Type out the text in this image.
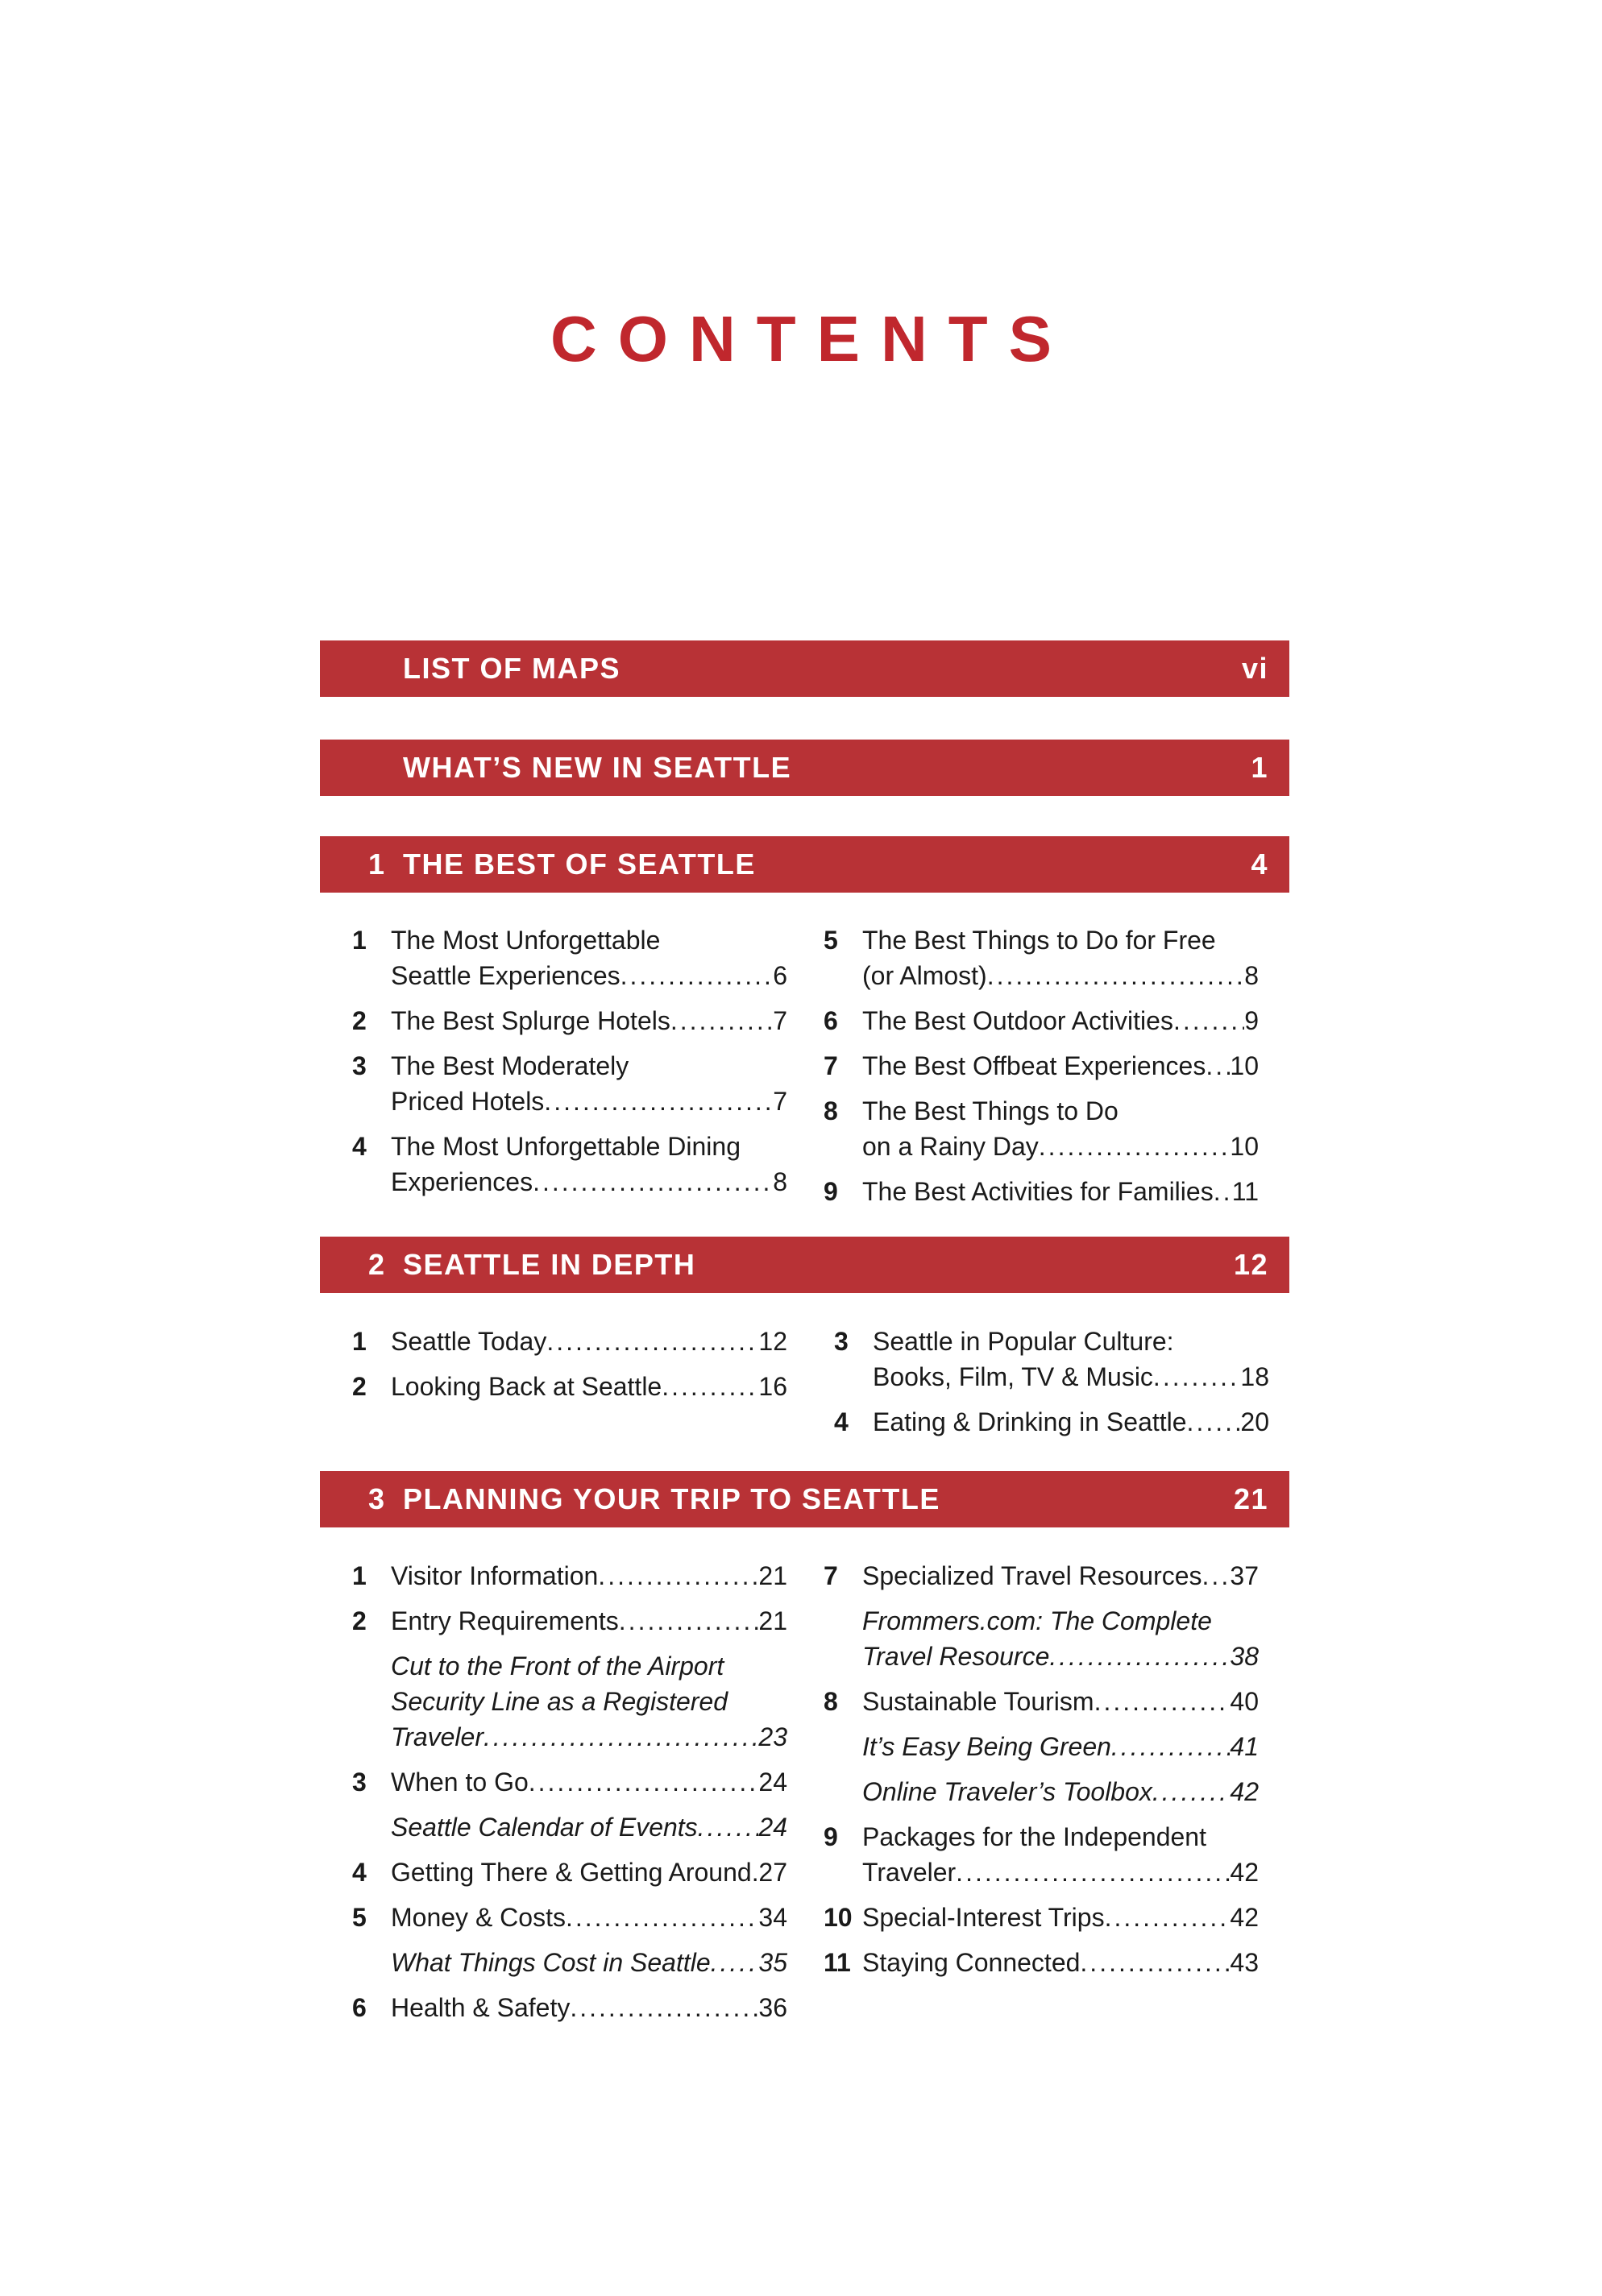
CONTENTS
LIST OF MAPS	vi
WHAT’S NEW IN SEATTLE	1
1 THE BEST OF SEATTLE	4
2 SEATTLE IN DEPTH	12
3 PLANNING YOUR TRIP TO SEATTLE	21
1 The Most Unforgettable
Seattle Experiences .....	6
2 The Best Splurge Hotels .....	7
3 The Best Moderately
Priced Hotels .....	7
4 The Most Unforgettable Dining
Experiences .....	8
5 The Best Things to Do for Free
(or Almost) .....	8
6 The Best Outdoor Activities .....	9
7 The Best Offbeat Experiences ..... 10
8 The Best Things to Do
on a Rainy Day .....	10
9 The Best Activities for Families ..... 11
1 Seattle Today .....	12
2 Looking Back at Seattle .....	16
3 Seattle in Popular Culture:
Books, Film, TV & Music .....	18
4 Eating & Drinking in Seattle ..... 20
1 Visitor Information .....	21
2 Entry Requirements .....	21
Cut to the Front of the Airport
Security Line as a Registered
Traveler .....	23
3 When to Go .....	24
Seattle Calendar of Events ..... 24
4 Getting There & Getting Around ..... 27
5 Money & Costs .....	34
What Things Cost in Seattle ..... 35
6 Health & Safety .....	36
7 Specialized Travel Resources ..... 37
Frommers.com: The Complete
Travel Resource .....	38
8 Sustainable Tourism .....	40
It’s Easy Being Green .....	41
Online Traveler’s Toolbox .....	42
9 Packages for the Independent
Traveler .....	42
10 Special-Interest Trips .....	42
11 Staying Connected .....	43
